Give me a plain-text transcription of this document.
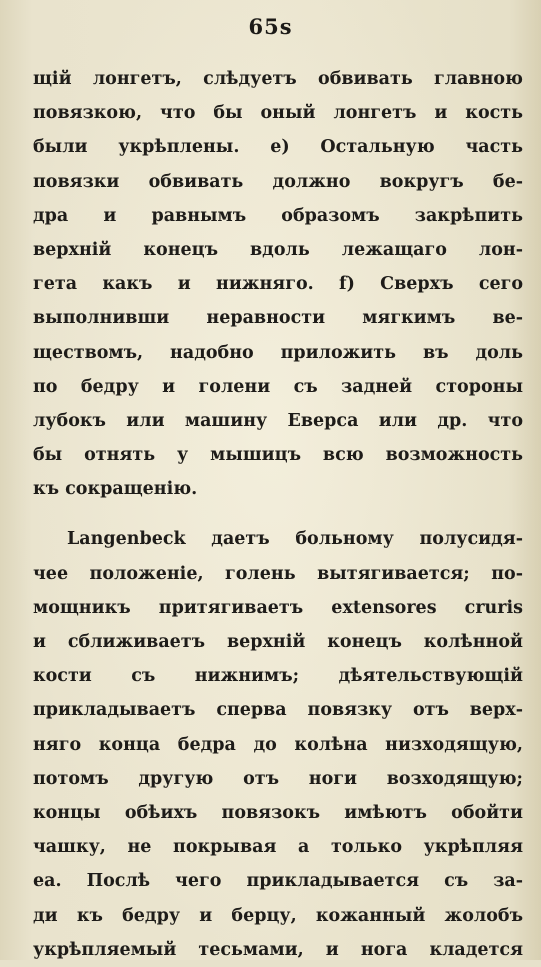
65s
щій лонгетъ, слѣдуетъ обвивать главною
повязкою, что бы оный лонгетъ и кость
были укрѣплены. е) Остальную часть
повязки обвивать должно вокругъ бе-
дра и равнымъ образомъ закрѣпить
верхній конецъ вдоль лежащаго лон-
гета какъ и нижняго. f) Сверхъ сего
выполнивши неравности мягкимъ ве-
ществомъ, надобно приложить въ доль
по бедру и голени съ задней стороны
лубокъ или машину Еверса или др. что
бы отнять у мышицъ всю возможность
къ сокращенію.
Langenbeck даетъ больному полусидя-
чее положеніе, голень вытягивается; по-
мощникъ притягиваетъ extensores cruris
и сближиваетъ верхній конецъ колѣнной
кости съ нижнимъ; дѣятельствующій
прикладываетъ сперва повязку отъ верх-
няго конца бедра до колѣна низходящую,
потомъ другую отъ ноги возходящую;
концы обѣихъ повязокъ имѣютъ обойти
чашку, не покрывая а только укрѣпляя
еа. Послѣ чего прикладывается съ за-
ди къ бедру и берцу, кожанный жолобъ
укрѣпляемый тесьмами, и нога кладется
